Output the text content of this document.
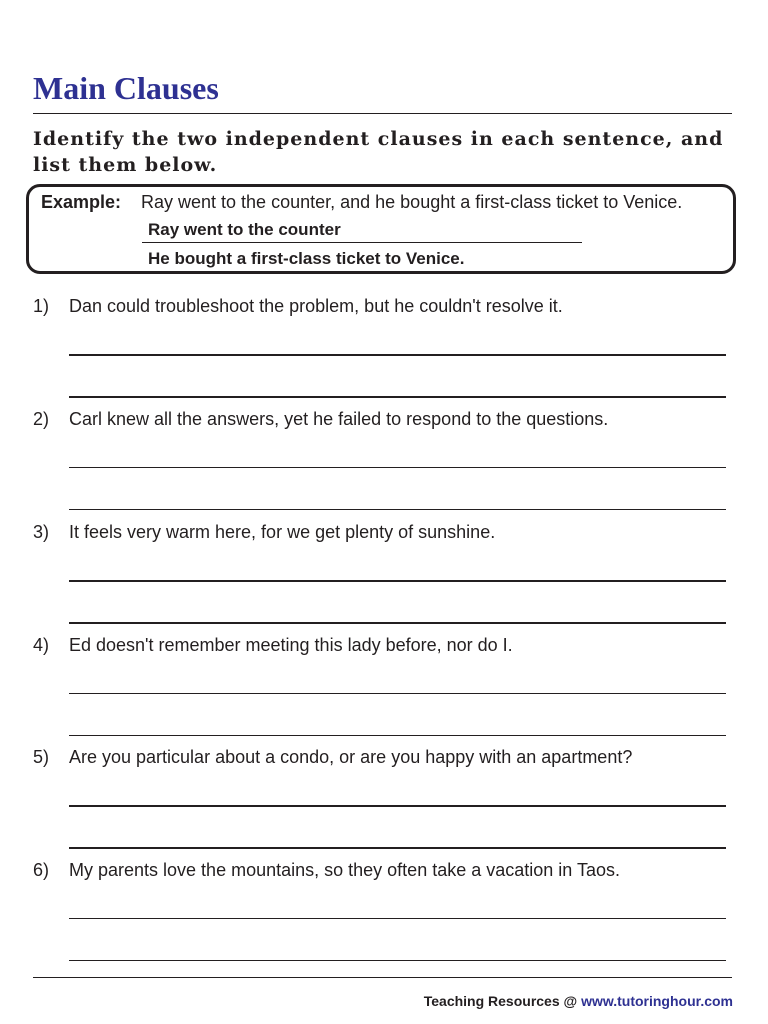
Main Clauses

Identify the two independent clauses in each sentence, and list them below.

Example: Ray went to the counter, and he bought a first-class ticket to Venice.
Ray went to the counter
He bought a first-class ticket to Venice.
1) Dan could troubleshoot the problem, but he couldn't resolve it.
2) Carl knew all the answers, yet he failed to respond to the questions.
3) It feels very warm here, for we get plenty of sunshine.
4) Ed doesn't remember meeting this lady before, nor do I.
5) Are you particular about a condo, or are you happy with an apartment?
6) My parents love the mountains, so they often take a vacation in Taos.
Teaching Resources @ www.tutoringhour.com
